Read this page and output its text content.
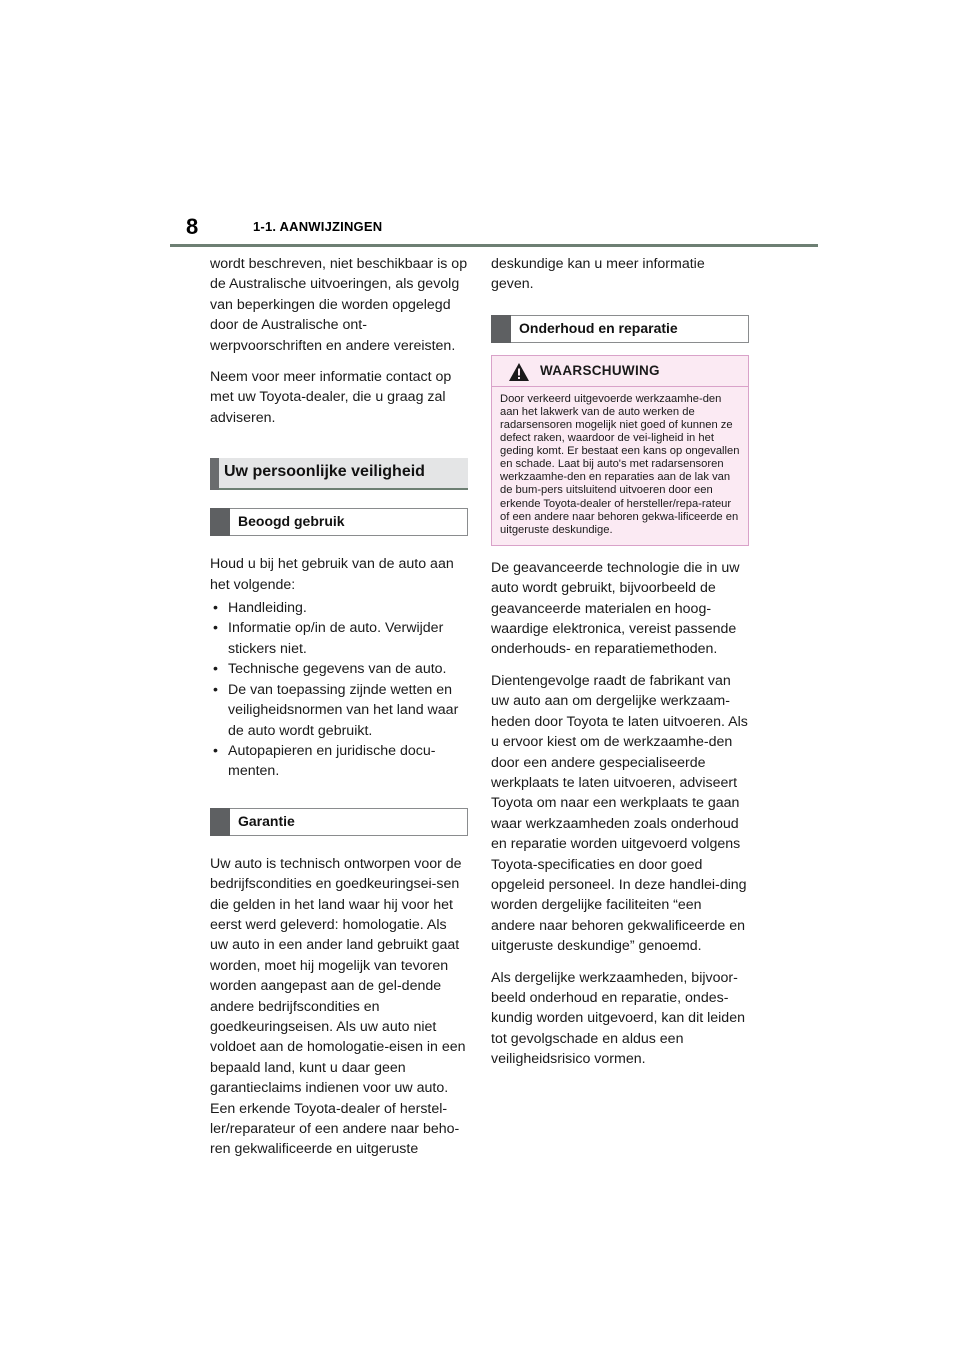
8	1-1. AANWIJZINGEN

wordt beschreven, niet beschikbaar is op de Australische uitvoeringen, als gevolg van beperkingen die worden opgelegd door de Australische ont-werpvoorschriften en andere vereisten.

Neem voor meer informatie contact op met uw Toyota-dealer, die u graag zal adviseren.

Uw persoonlijke veiligheid
Beoogd gebruik

Houd u bij het gebruik van de auto aan het volgende:

• Handleiding.
• Informatie op/in de auto. Verwijder stickers niet.
• Technische gegevens van de auto.
• De van toepassing zijnde wetten en veiligheidsnormen van het land waar de auto wordt gebruikt.
• Autopapieren en juridische docu-menten.
Garantie

Uw auto is technisch ontworpen voor de bedrijfscondities en goedkeuringsei-sen die gelden in het land waar hij voor het eerst werd geleverd: homologatie. Als uw auto in een ander land gebruikt gaat worden, moet hij mogelijk van tevoren worden aangepast aan de gel-dende andere bedrijfscondities en goedkeuringseisen. Als uw auto niet voldoet aan de homologatie-eisen in een bepaald land, kunt u daar geen garantieclaims indienen voor uw auto. Een erkende Toyota-dealer of herstel-ler/reparateur of een andere naar beho-ren gekwalificeerde en uitgeruste

deskundige kan u meer informatie geven.

Onderhoud en reparatie
WAARSCHUWING
Door verkeerd uitgevoerde werkzaamhe-den aan het lakwerk van de auto werken de radarsensoren mogelijk niet goed of kunnen ze defect raken, waardoor de vei-ligheid in het geding komt. Er bestaat een kans op ongevallen en schade. Laat bij auto's met radarsensoren werkzaamhe-den en reparaties aan de lak van de bum-pers uitsluitend uitvoeren door een erkende Toyota-dealer of hersteller/repa-rateur of een andere naar behoren gekwa-lificeerde en uitgeruste deskundige.

De geavanceerde technologie die in uw auto wordt gebruikt, bijvoorbeeld de geavanceerde materialen en hoog-waardige elektronica, vereist passende onderhouds- en reparatiemethoden.

Dientengevolge raadt de fabrikant van uw auto aan om dergelijke werkzaam-heden door Toyota te laten uitvoeren. Als u ervoor kiest om de werkzaamhe-den door een andere gespecialiseerde werkplaats te laten uitvoeren, adviseert Toyota om naar een werkplaats te gaan waar werkzaamheden zoals onderhoud en reparatie worden uitgevoerd volgens Toyota-specificaties en door goed opgeleid personeel. In deze handlei-ding worden dergelijke faciliteiten “een andere naar behoren gekwalificeerde en uitgeruste deskundige” genoemd.

Als dergelijke werkzaamheden, bijvoor-beeld onderhoud en reparatie, ondes-kundig worden uitgevoerd, kan dit leiden tot gevolgschade en aldus een veiligheidsrisico vormen.
